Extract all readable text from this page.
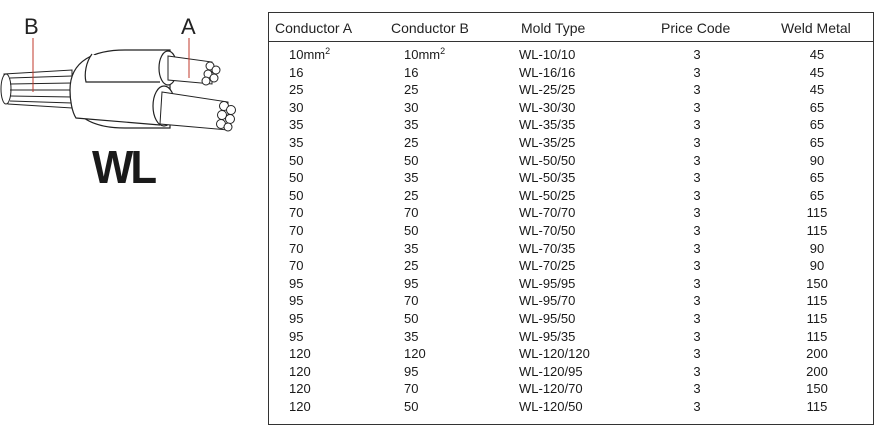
B	A
WL
Conductor A	Conductor B	Mold Type	Price Code	Weld Metal
$10mm^2$	$10mm^2$	WL-10/10	3	45
16	16	WL-16/16	3	45
25	25	WL-25/25	3	45
30	30	WL-30/30	3	65
35	35	WL-35/35	3	65
35	25	WL-35/25	3	65
50	50	WL-50/50	3	90
50	35	WL-50/35	3	65
50	25	WL-50/25	3	65
70	70	WL-70/70	3	115
70	50	WL-70/50	3	115
70	35	WL-70/35	3	90
70	25	WL-70/25	3	90
95	95	WL-95/95	3	150
95	70	WL-95/70	3	115
95	50	WL-95/50	3	115
95	35	WL-95/35	3	115
120	120	WL-120/120	3	200
120	95	WL-120/95	3	200
120	70	WL-120/70	3	150
120	50	WL-120/50	3	115
